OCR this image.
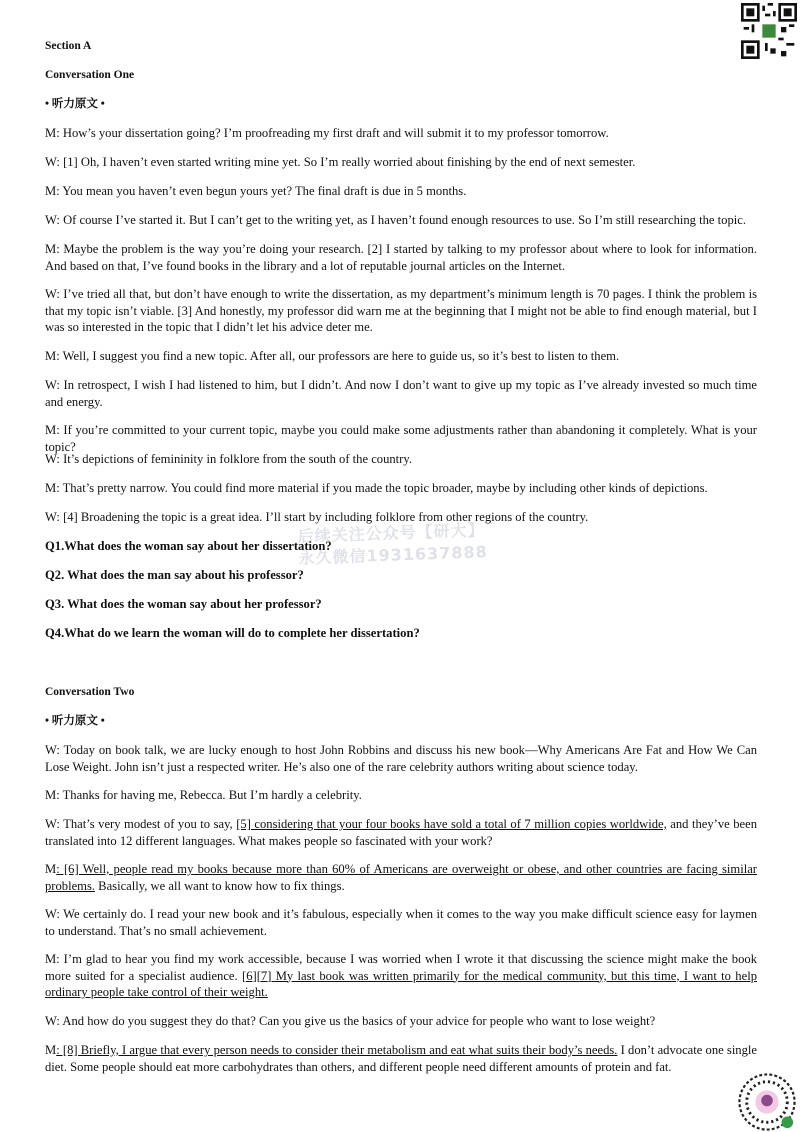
Section A

Conversation One

• 听力原文 •

M: How’s your dissertation going? I’m proofreading my first draft and will submit it to my professor tomorrow.

W: [1] Oh, I haven’t even started writing mine yet. So I’m really worried about finishing by the end of next semester.

M: You mean you haven’t even begun yours yet? The final draft is due in 5 months.

W: Of course I’ve started it. But I can’t get to the writing yet, as I haven’t found enough resources to use. So I’m still researching the topic.

M: Maybe the problem is the way you’re doing your research. [2] I started by talking to my professor about where to look for information. And based on that, I’ve found books in the library and a lot of reputable journal articles on the Internet.

W: I’ve tried all that, but don’t have enough to write the dissertation, as my department’s minimum length is 70 pages. I think the problem is that my topic isn’t viable. [3] And honestly, my professor did warn me at the beginning that I might not be able to find enough material, but I was so interested in the topic that I didn’t let his advice deter me.

M: Well, I suggest you find a new topic. After all, our professors are here to guide us, so it’s best to listen to them.

W: In retrospect, I wish I had listened to him, but I didn’t. And now I don’t want to give up my topic as I’ve already invested so much time and energy.

M: If you’re committed to your current topic, maybe you could make some adjustments rather than abandoning it completely. What is your topic?

W: It’s depictions of femininity in folklore from the south of the country.

M: That’s pretty narrow. You could find more material if you made the topic broader, maybe by including other kinds of depictions.

W: [4] Broadening the topic is a great idea. I’ll start by including folklore from other regions of the country.

Q1.What does the woman say about her dissertation?

Q2. What does the man say about his professor?

Q3. What does the woman say about her professor?

Q4.What do we learn the woman will do to complete her dissertation?

Conversation Two

• 听力原文 •

W: Today on book talk, we are lucky enough to host John Robbins and discuss his new book—Why Americans Are Fat and How We Can Lose Weight. John isn’t just a respected writer. He’s also one of the rare celebrity authors writing about science today.

M: Thanks for having me, Rebecca. But I’m hardly a celebrity.

W: That’s very modest of you to say, [5] considering that your four books have sold a total of 7 million copies worldwide, and they’ve been translated into 12 different languages. What makes people so fascinated with your work?

M: [6] Well, people read my books because more than 60% of Americans are overweight or obese, and other countries are facing similar problems. Basically, we all want to know how to fix things.

W: We certainly do. I read your new book and it’s fabulous, especially when it comes to the way you make difficult science easy for laymen to understand. That’s no small achievement.

M: I’m glad to hear you find my work accessible, because I was worried when I wrote it that discussing the science might make the book more suited for a specialist audience. [6][7] My last book was written primarily for the medical community, but this time, I want to help ordinary people take control of their weight.

W: And how do you suggest they do that? Can you give us the basics of your advice for people who want to lose weight?

M: [8] Briefly, I argue that every person needs to consider their metabolism and eat what suits their body’s needs. I don’t advocate one single diet. Some people should eat more carbohydrates than others, and different people need different amounts of protein and fat.

后续关注公众号【研大】
永久微信19316​37888
